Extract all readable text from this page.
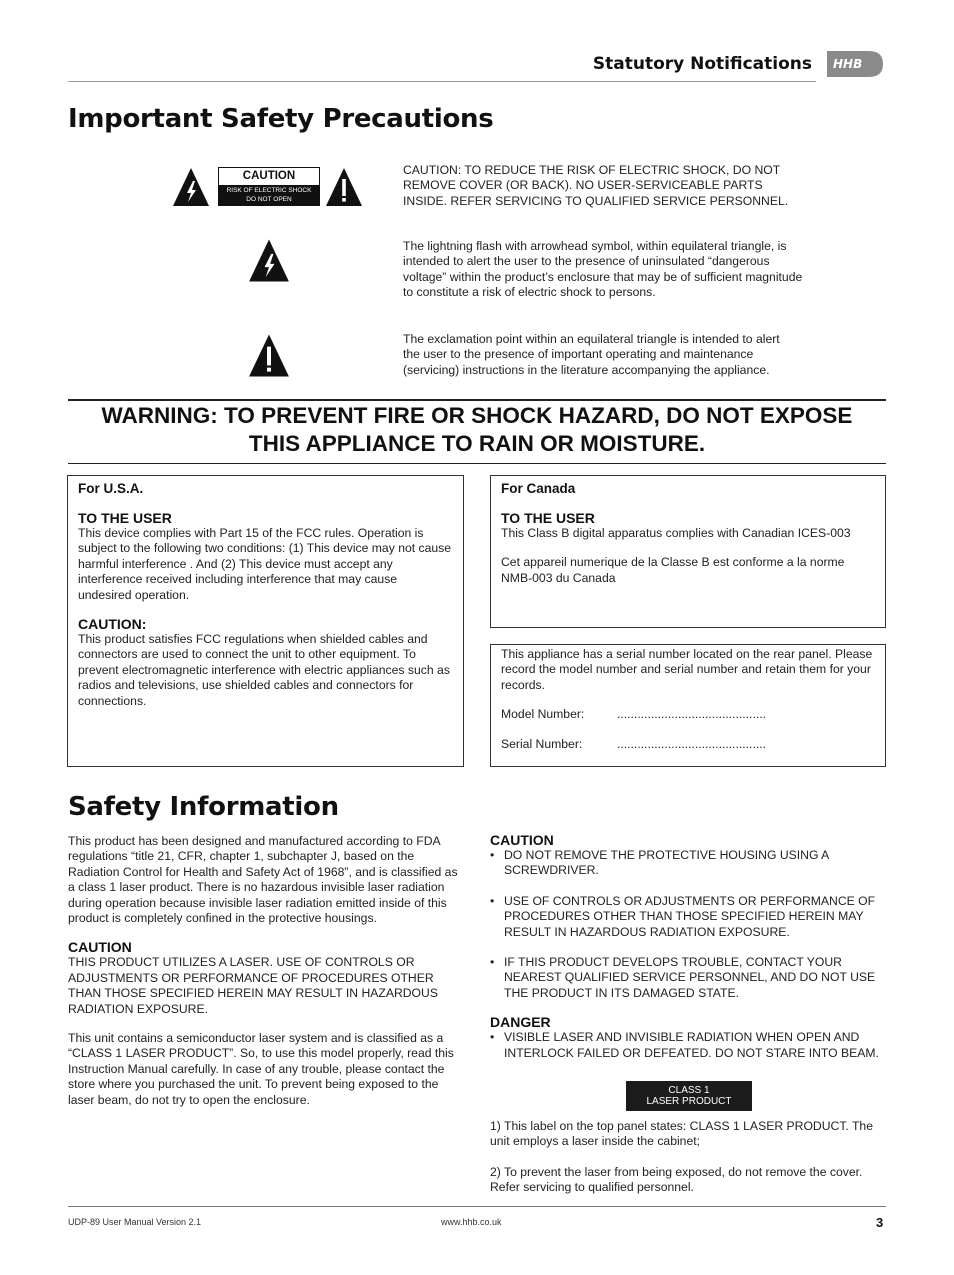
Statutory Notifications HHB
Important Safety Precautions
CAUTION
RISK OF ELECTRIC SHOCK
DO NOT OPEN
CAUTION: TO REDUCE THE RISK OF ELECTRIC SHOCK, DO NOT REMOVE COVER (OR BACK). NO USER-SERVICEABLE PARTS INSIDE. REFER SERVICING TO QUALIFIED SERVICE PERSONNEL.
The lightning flash with arrowhead symbol, within equilateral triangle, is intended to alert the user to the presence of uninsulated “dangerous voltage” within the product’s enclosure that may be of sufficient magnitude to constitute a risk of electric shock to persons.
The exclamation point within an equilateral triangle is intended to alert the user to the presence of important operating and maintenance (servicing) instructions in the literature accompanying the appliance.
WARNING: TO PREVENT FIRE OR SHOCK HAZARD, DO NOT EXPOSE
THIS APPLIANCE TO RAIN OR MOISTURE.
For U.S.A.
TO THE USER
This device complies with Part 15 of the FCC rules. Operation is subject to the following two conditions: (1) This device may not cause harmful interference . And (2) This device must accept any interference received including interference that may cause undesired operation.
CAUTION:
This product satisfies FCC regulations when shielded cables and connectors are used to connect the unit to other equipment. To prevent electromagnetic interference with electric appliances such as radios and televisions, use shielded cables and connectors for connections.
For Canada
TO THE USER
This Class B digital apparatus complies with Canadian ICES-003
Cet appareil numerique de la Classe B est conforme a la norme NMB-003 du Canada
This appliance has a serial number located on the rear panel. Please record the model number and serial number and retain them for your records.
Model Number:	............................................
Serial Number:	............................................
Safety Information

This product has been designed and manufactured according to FDA regulations “title 21, CFR, chapter 1, subchapter J, based on the Radiation Control for Health and Safety Act of 1968”, and is classified as a class 1 laser product. There is no hazardous invisible laser radiation during operation because invisible laser radiation emitted inside of this product is completely confined in the protective housings.

CAUTION

THIS PRODUCT UTILIZES A LASER. USE OF CONTROLS OR ADJUSTMENTS OR PERFORMANCE OF PROCEDURES OTHER THAN THOSE SPECIFIED HEREIN MAY RESULT IN HAZARDOUS RADIATION EXPOSURE.

This unit contains a semiconductor laser system and is classified as a “CLASS 1 LASER PRODUCT”. So, to use this model properly, read this Instruction Manual carefully. In case of any trouble, please contact the store where you purchased the unit. To prevent being exposed to the laser beam, do not try to open the enclosure.

CAUTION
• DO NOT REMOVE THE PROTECTIVE HOUSING USING A SCREWDRIVER.
• USE OF CONTROLS OR ADJUSTMENTS OR PERFORMANCE OF PROCEDURES OTHER THAN THOSE SPECIFIED HEREIN MAY RESULT IN HAZARDOUS RADIATION EXPOSURE.
• IF THIS PRODUCT DEVELOPS TROUBLE, CONTACT YOUR NEAREST QUALIFIED SERVICE PERSONNEL, AND DO NOT USE THE PRODUCT IN ITS DAMAGED STATE.
DANGER
• VISIBLE LASER AND INVISIBLE RADIATION WHEN OPEN AND INTERLOCK FAILED OR DEFEATED. DO NOT STARE INTO BEAM.
CLASS 1
LASER PRODUCT
1) This label on the top panel states: CLASS 1 LASER PRODUCT. The unit employs a laser inside the cabinet;
2) To prevent the laser from being exposed, do not remove the cover. Refer servicing to qualified personnel.
UDP-89 User Manual Version 2.1	www.hhb.co.uk	3
